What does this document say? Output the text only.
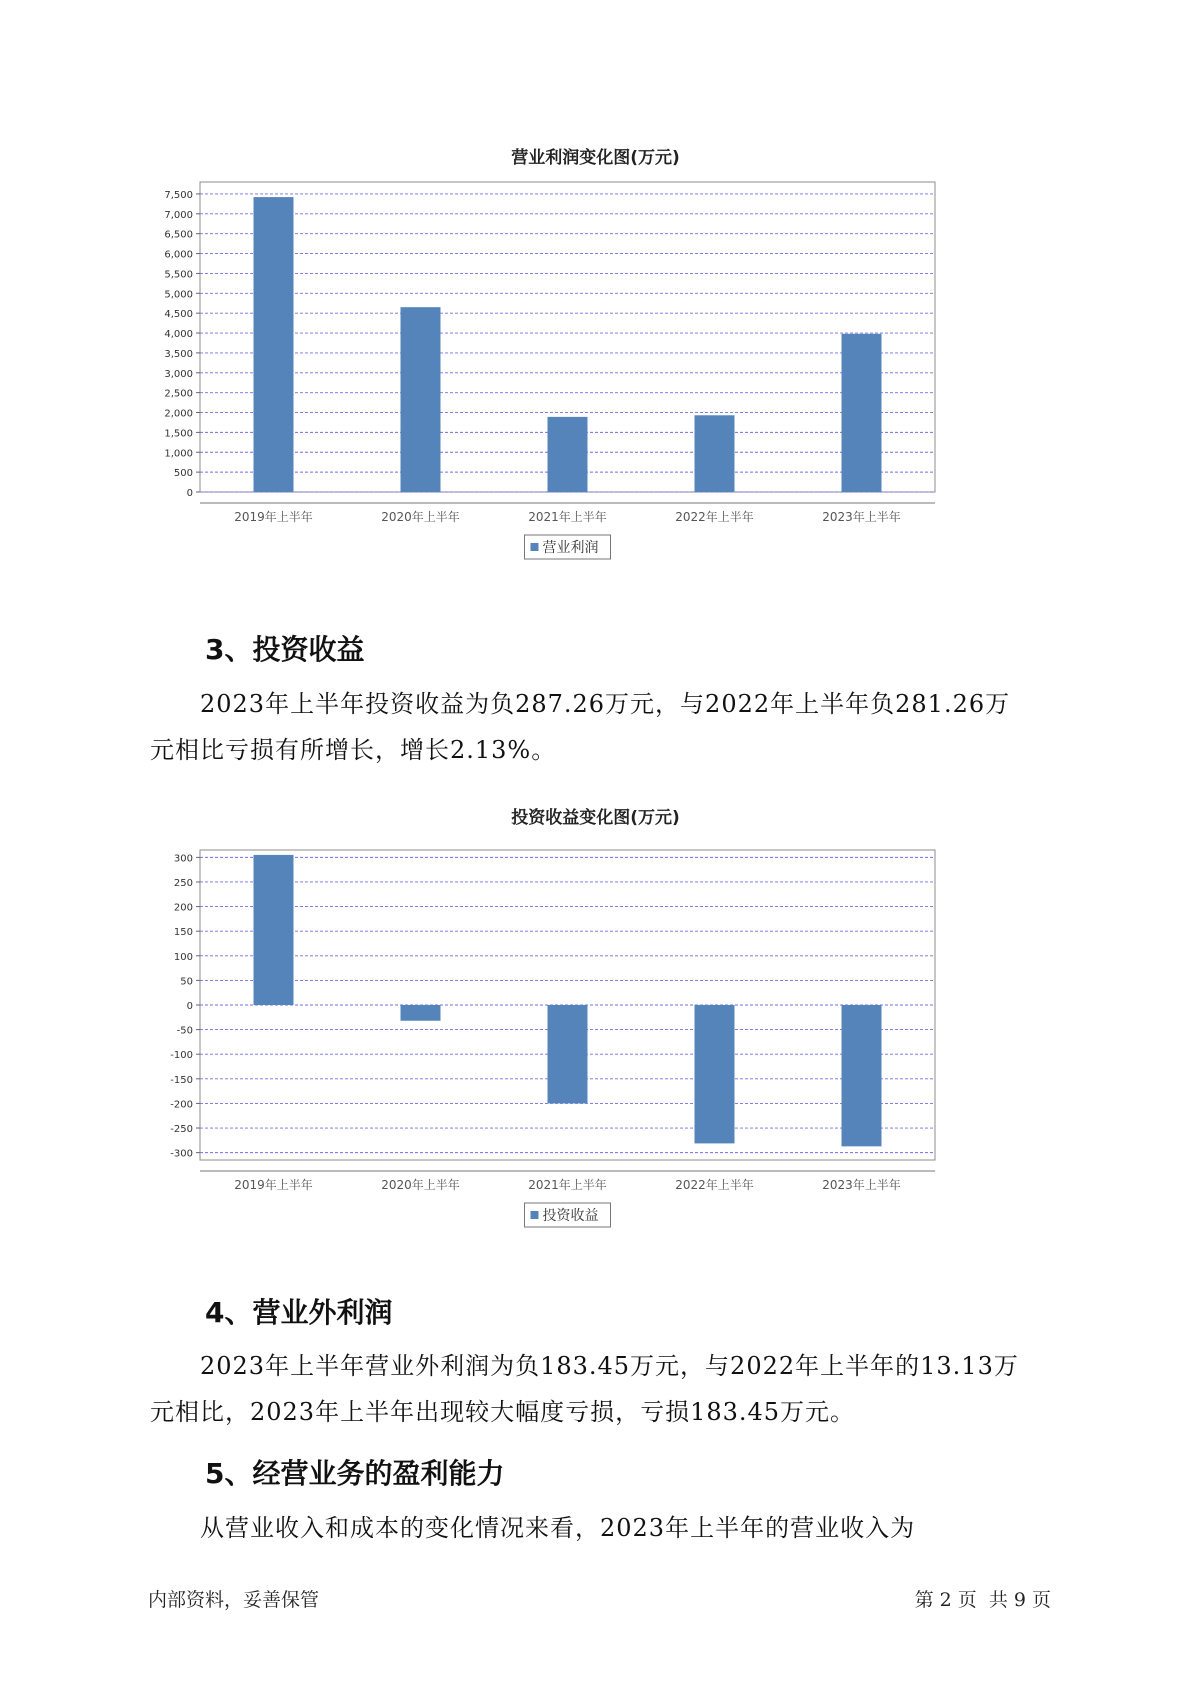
营业利润变化图(万元)
0
500
1,000
1,500
2,000
2,500
3,000
3,500
4,000
4,500
5,000
5,500
6,000
6,500
7,000
7,500
2019年上半年	2020年上半年	2021年上半年	2022年上半年	2023年上半年
营业利润
3、投资收益
2023年上半年投资收益为负287.26万元，与2022年上半年负281.26万
元相比亏损有所增长，增长2.13%。
投资收益变化图(万元)
-300
-250
-200
-150
-100
-50
0
50
100
150
200
250
300
2019年上半年	2020年上半年	2021年上半年	2022年上半年	2023年上半年
投资收益
4、营业外利润
2023年上半年营业外利润为负183.45万元，与2022年上半年的13.13万
元相比，2023年上半年出现较大幅度亏损，亏损183.45万元。
5、经营业务的盈利能力
从营业收入和成本的变化情况来看，2023年上半年的营业收入为
内部资料，妥善保管	第 2 页  共 9 页
